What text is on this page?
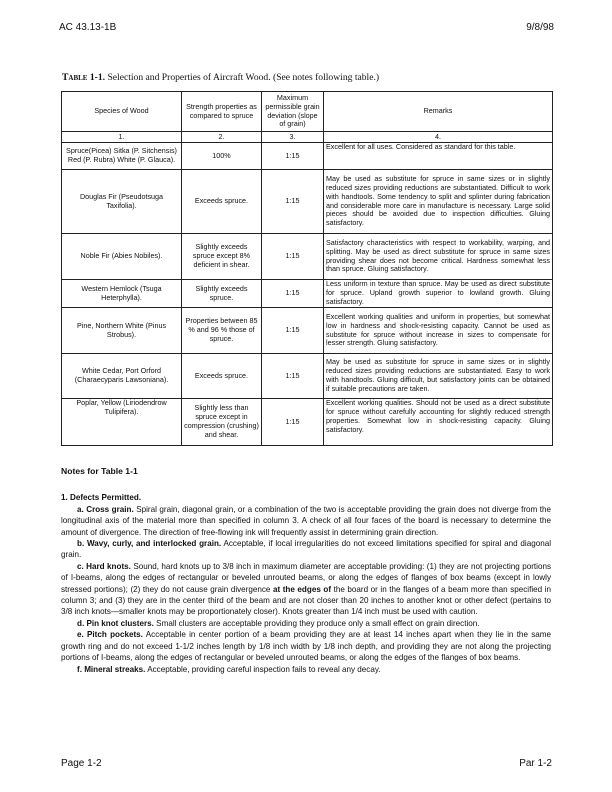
AC 43.13-1B	9/8/98
Table 1-1. Selection and Properties of Aircraft Wood. (See notes following table.)
Species of Wood	Strength properties as compared to spruce	Maximum permissible grain deviation (slope of grain)	Remarks
1.	2.	3.	4.
Spruce(Picea) Sitka (P. Sitchensis) Red (P. Rubra) White (P. Glauca).	100%	1:15	Excellent for all uses. Considered as standard for this table.
Douglas Fir (Pseudotsuga Taxifolia).	Exceeds spruce.	1:15	May be used as substitute for spruce in same sizes or in slightly reduced sizes providing reductions are substantiated. Difficult to work with handtools. Some tendency to split and splinter during fabrication and considerable more care in manufacture is necessary. Large solid pieces should be avoided due to inspection difficulties. Gluing satisfactory.
Noble Fir (Abies Nobiles).	Slightly exceeds spruce except 8% deficient in shear.	1:15	Satisfactory characteristics with respect to workability, warping, and splitting. May be used as direct substitute for spruce in same sizes providing shear does not become critical. Hardness somewhat less than spruce. Gluing satisfactory.
Western Hemlock (Tsuga Heterphylla).	Slightly exceeds spruce.	1:15	Less uniform in texture than spruce. May be used as direct substitute for spruce. Upland growth superior to lowland growth. Gluing satisfactory.
Pine, Northern White (Pinus Strobus).	Properties between 85 % and 96 % those of spruce.	1:15	Excellent working qualities and uniform in properties, but somewhat low in hardness and shock-resisting capacity. Cannot be used as substitute for spruce without increase in sizes to compensate for lesser strength. Gluing satisfactory.
White Cedar, Port Orford (Charaecyparis Lawsoniana).	Exceeds spruce.	1:15	May be used as substitute for spruce in same sizes or in slightly reduced sizes providing reductions are substantiated. Easy to work with handtools. Gluing difficult, but satisfactory joints can be obtained if suitable precautions are taken.
Poplar, Yellow (Liriodendrow Tulipifera).	Slightly less than spruce except in compression (crushing) and shear.	1:15	Excellent working qualities. Should not be used as a direct substitute for spruce without carefully accounting for slightly reduced strength properties. Somewhat low in shock-resisting capacity. Gluing satisfactory.

Notes for Table 1-1

1. Defects Permitted.

a. Cross grain. Spiral grain, diagonal grain, or a combination of the two is acceptable providing the grain does not diverge from the longitudinal axis of the material more than specified in column 3. A check of all four faces of the board is necessary to determine the amount of divergence. The direction of free-flowing ink will frequently assist in determining grain direction.

b. Wavy, curly, and interlocked grain. Acceptable, if local irregularities do not exceed limitations specified for spiral and diagonal grain.

c. Hard knots. Sound, hard knots up to 3/8 inch in maximum diameter are acceptable providing: (1) they are not projecting portions of I-beams, along the edges of rectangular or beveled unrouted beams, or along the edges of flanges of box beams (except in lowly stressed portions); (2) they do not cause grain divergence at the edges of the board or in the flanges of a beam more than specified in column 3; and (3) they are in the center third of the beam and are not closer than 20 inches to another knot or other defect (pertains to 3/8 inch knots—smaller knots may be proportionately closer). Knots greater than 1/4 inch must be used with caution.

d. Pin knot clusters. Small clusters are acceptable providing they produce only a small effect on grain direction.

e. Pitch pockets. Acceptable in center portion of a beam providing they are at least 14 inches apart when they lie in the same growth ring and do not exceed 1-1/2 inches length by 1/8 inch width by 1/8 inch depth, and providing they are not along the projecting portions of I-beams, along the edges of rectangular or beveled unrouted beams, or along the edges of the flanges of box beams.

f. Mineral streaks. Acceptable, providing careful inspection fails to reveal any decay.

Page 1-2	Par 1-2
